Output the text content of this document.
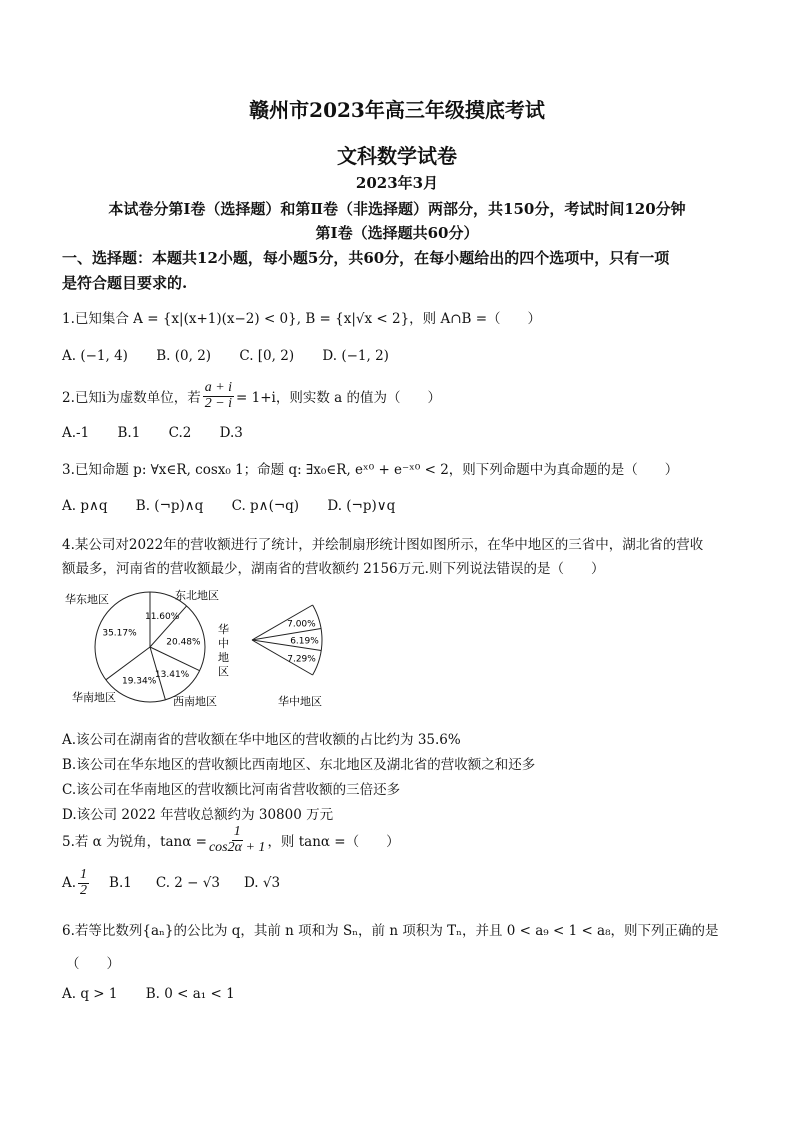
赣州市2023年高三年级摸底考试
文科数学试卷
2023年3月
本试卷分第Ⅰ卷（选择题）和第Ⅱ卷（非选择题）两部分，共150分，考试时间120分钟
第Ⅰ卷（选择题共60分）
一、选择题：本题共12小题，每小题5分，共60分，在每小题给出的四个选项中，只有一项
是符合题目要求的.
1.已知集合 A = {x|(x+1)(x−2) < 0}, B = {x|√x < 2}，则 A∩B =（　　）
A. (−1, 4) B. (0, 2) C. [0, 2) D. (−1, 2)
2.已知i为虚数单位，若 $\frac{a + i}{2 - i} = 1+i$，则实数 a 的值为（　　）
A.-1 B.1 C.2 D.3
3.已知命题 p: ∀x∈R, cosx₀ 1；命题 q: ∃x₀∈R, eˣ⁰ + e⁻ˣ⁰ < 2，则下列命题中为真命题的是（　　）
A. p∧q B. (¬p)∧q C. p∧(¬q) D. (¬p)∨q
4.某公司对2022年的营收额进行了统计，并绘制扇形统计图如图所示，在华中地区的三省中，湖北省的营收
额最多，河南省的营收额最少，湖南省的营收额约 2156万元.则下列说法错误的是（　　）
11.60%
20.48%
13.41%
19.34%
35.17%
华东地区	东北地区
华南地区	西南地区
华
中
地
区
7.00%
6.19%
7.29%
华中地区
A.该公司在湖南省的营收额在华中地区的营收额的占比约为 35.6%
B.该公司在华东地区的营收额比西南地区、东北地区及湖北省的营收额之和还多
C.该公司在华南地区的营收额比河南省营收额的三倍还多
D.该公司 2022 年营收总额约为 30800 万元
5.若 α 为锐角，$\tan\alpha = \frac{1}{\cos 2\alpha + 1}$ ，则 tanα =（　　）
A. $\frac{1}{2} B.1$ C. 2 − √3 D. √3
6.若等比数列{aₙ}的公比为 q，其前 n 项和为 Sₙ，前 n 项积为 Tₙ，并且 0 < a₉ < 1 < a₈，则下列正确的是
（　　）
A. q > 1 B. 0 < a₁ < 1
